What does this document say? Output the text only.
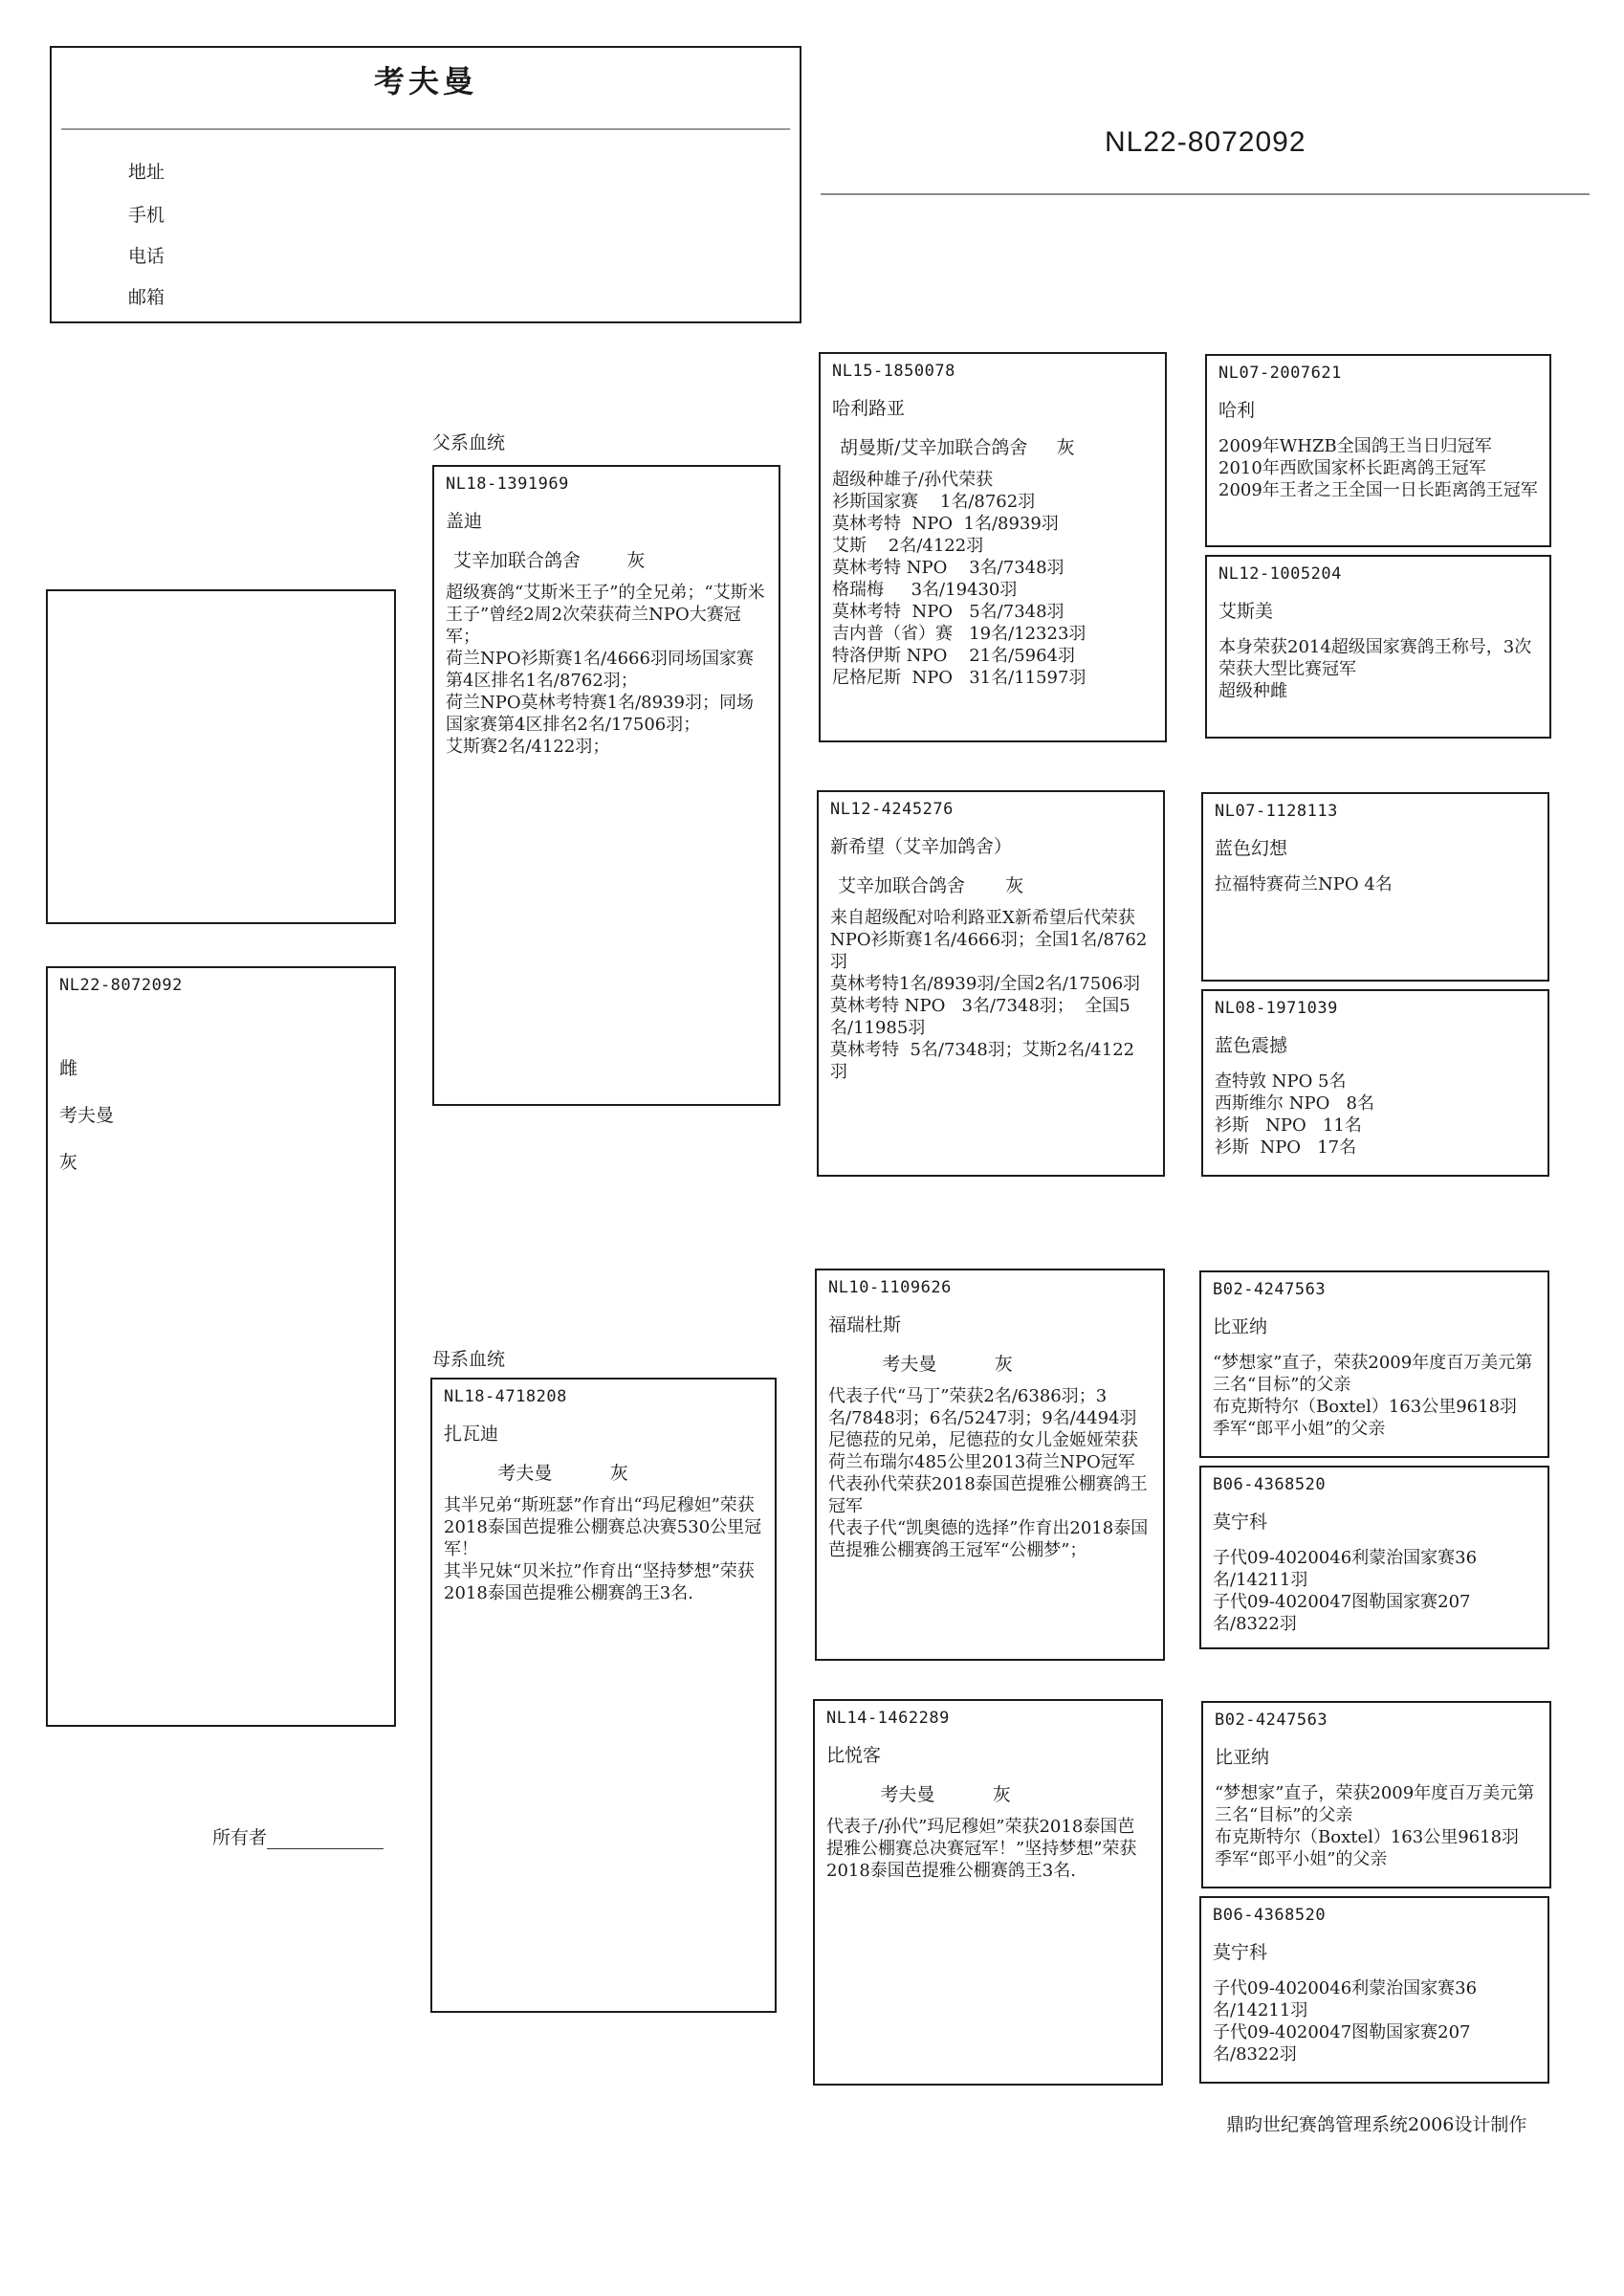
考夫曼
地址
手机
电话
邮箱
NL22-8072092
NL22-8072092
雌
考夫曼
灰
所有者
父系血统
母系血统
NL18-1391969
盖迪
艾辛加联合鸽舍        灰
超级赛鸽“艾斯米王子”的全兄弟；“艾斯米王子”曾经2周2次荣获荷兰NPO大赛冠军；
荷兰NPO衫斯赛1名/4666羽同场国家赛第4区排名1名/8762羽；
荷兰NPO莫林考特赛1名/8939羽；同场国家赛第4区排名2名/17506羽；
艾斯赛2名/4122羽；
NL18-4718208
扎瓦迪
考夫曼          灰
其半兄弟“斯班瑟”作育出“玛尼穆妲”荣获2018泰国芭提雅公棚赛总决赛530公里冠军！
其半兄妹“贝米拉”作育出“坚持梦想”荣获2018泰国芭提雅公棚赛鸽王3名.
NL15-1850078
哈利路亚
胡曼斯/艾辛加联合鸽舍     灰
超级种雄子/孙代荣获
衫斯国家赛    1名/8762羽
莫林考特  NPO  1名/8939羽
艾斯    2名/4122羽
莫林考特 NPO    3名/7348羽
格瑞梅     3名/19430羽
莫林考特  NPO   5名/7348羽
吉内普（省）赛   19名/12323羽
特洛伊斯 NPO    21名/5964羽
尼格尼斯  NPO   31名/11597羽
NL12-4245276
新希望（艾辛加鸽舍）
艾辛加联合鸽舍       灰
来自超级配对哈利路亚X新希望后代荣获
NPO衫斯赛1名/4666羽；全国1名/8762羽
莫林考特1名/8939羽/全国2名/17506羽
莫林考特 NPO   3名/7348羽；  全国5名/11985羽
莫林考特  5名/7348羽；艾斯2名/4122羽
NL10-1109626
福瑞杜斯
考夫曼          灰
代表子代“马丁”荣获2名/6386羽；3名/7848羽；6名/5247羽；9名/4494羽
尼德菈的兄弟，尼德菈的女儿金姬娅荣获荷兰布瑞尔485公里2013荷兰NPO冠军
代表孙代荣获2018泰国芭提雅公棚赛鸽王冠军
代表子代“凯奥德的选择”作育出2018泰国芭提雅公棚赛鸽王冠军“公棚梦”；
NL14-1462289
比悦客
考夫曼          灰
代表子/孙代”玛尼穆妲”荣获2018泰国芭提雅公棚赛总决赛冠军！”坚持梦想”荣获2018泰国芭提雅公棚赛鸽王3名.
NL07-2007621
哈利
2009年WHZB全国鸽王当日归冠军
2010年西欧国家杯长距离鸽王冠军
2009年王者之王全国一日长距离鸽王冠军
NL12-1005204
艾斯美
本身荣获2014超级国家赛鸽王称号，3次荣获大型比赛冠军
超级种雌
NL07-1128113
蓝色幻想
拉福特赛荷兰NPO 4名
NL08-1971039
蓝色震撼
查特敦 NPO 5名
西斯维尔 NPO   8名
衫斯   NPO   11名
衫斯  NPO   17名
B02-4247563
比亚纳
“梦想家”直子，荣获2009年度百万美元第三名“目标”的父亲
布克斯特尔（Boxtel）163公里9618羽
季军“郎平小姐”的父亲
B06-4368520
莫宁科
子代09-4020046利蒙治国家赛36名/14211羽
子代09-4020047图勒国家赛207名/8322羽
B02-4247563
比亚纳
“梦想家”直子，荣获2009年度百万美元第三名“目标”的父亲
布克斯特尔（Boxtel）163公里9618羽
季军“郎平小姐”的父亲
B06-4368520
莫宁科
子代09-4020046利蒙治国家赛36名/14211羽
子代09-4020047图勒国家赛207名/8322羽
鼎昀世纪赛鸽管理系统2006设计制作
